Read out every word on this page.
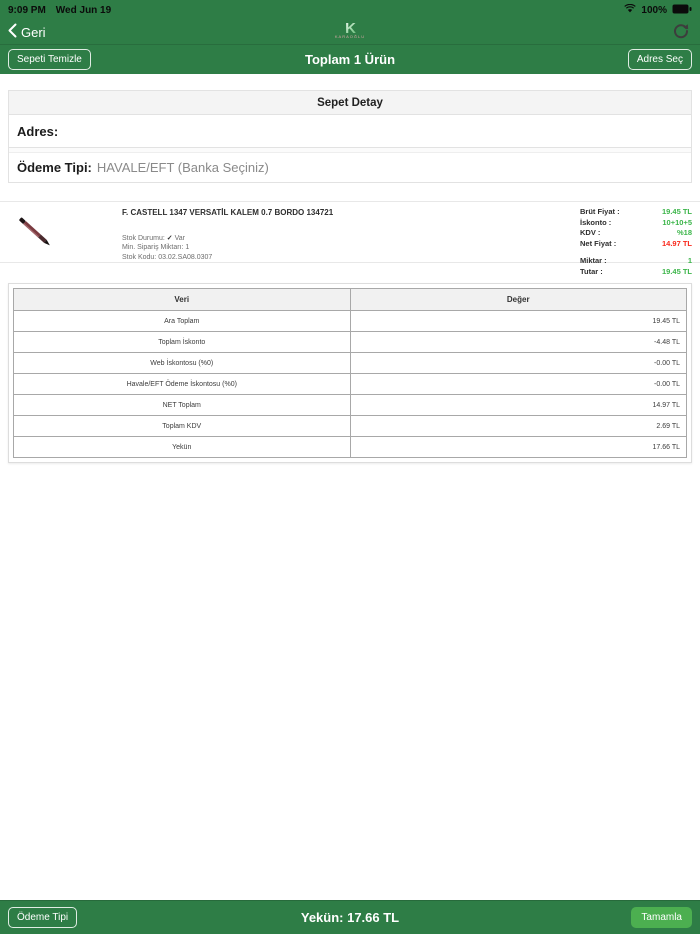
9:09 PM Wed Jun 19	100%
Geri	K
KARAOĞLU
Toplam 1 Ürün
Sepeti Temizle	Adres Seç
Sepet Detay
Adres:
Ödeme Tipi: HAVALE/EFT (Banka Seçiniz)
F. CASTELL 1347 VERSATİL KALEM 0.7 BORDO 134721
Stok Durumu: ✓ Var
Min. Sipariş Miktarı: 1
Stok Kodu: 03.02.SA08.0307
Brüt Fiyat :	19.45 TL
İskonto :	10+10+5
KDV :	%18
Net Fiyat :	14.97 TL
Miktar :	1
Tutar :	19.45 TL
Veri	Değer
Ara Toplam	19.45 TL
Toplam İskonto	-4.48 TL
Web İskontosu (%0)	-0.00 TL
Havale/EFT Ödeme İskontosu (%0)	-0.00 TL
NET Toplam	14.97 TL
Toplam KDV	2.69 TL
Yekün	17.66 TL
Yekün: 17.66 TL
Ödeme Tipi	Tamamla
